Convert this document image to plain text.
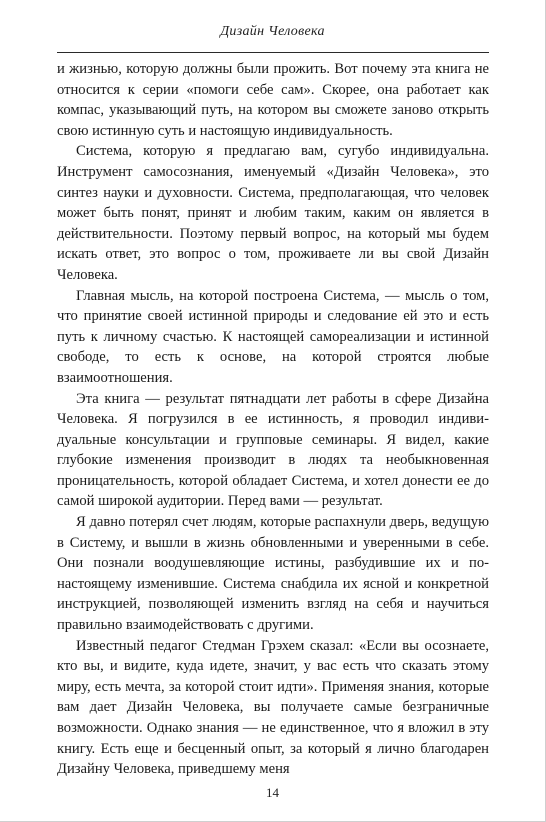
Дизайн Человека

и жизнью, которую должны были прожить. Вот почему эта книга не относится к серии «помоги себе сам». Скорее, она работает как компас, указывающий путь, на котором вы сможете заново открыть свою истинную суть и настоящую индивидуальность.

Система, которую я предлагаю вам, сугубо индивидуальна. Инструмент самосознания, именуемый «Дизайн Человека», это синтез науки и духовности. Система, предполагающая, что человек может быть понят, принят и любим таким, каким он является в действительности. Поэтому первый вопрос, на который мы будем искать ответ, это вопрос о том, проживаете ли вы свой Дизайн Человека.

Главная мысль, на которой построена Система, — мысль о том, что принятие своей истинной природы и следование ей это и есть путь к личному счастью. К настоящей самореализации и истинной свободе, то есть к основе, на которой строятся любые взаимоотношения.

Эта книга — результат пятнадцати лет работы в сфере Дизайна Человека. Я погрузился в ее истинность, я проводил индивидуальные консультации и групповые семинары. Я видел, какие глубокие изменения производит в людях та необыкновенная проницательность, которой обладает Система, и хотел донести ее до самой широкой аудитории. Перед вами — результат.

Я давно потерял счет людям, которые распахнули дверь, ведущую в Систему, и вышли в жизнь обновленными и уверенными в себе. Они познали воодушевляющие истины, разбудившие их и по-настоящему изменившие. Система снабдила их ясной и конкретной инструкцией, позволяющей изменить взгляд на себя и научиться правильно взаимодействовать с другими.

Известный педагог Стедман Грэхем сказал: «Если вы осознаете, кто вы, и видите, куда идете, значит, у вас есть что сказать этому миру, есть мечта, за которой стоит идти». Применяя знания, которые вам дает Дизайн Человека, вы получаете самые безграничные возможности. Однако знания — не единственное, что я вложил в эту книгу. Есть еще и бесценный опыт, за который я лично благодарен Дизайну Человека, приведшему меня

14
